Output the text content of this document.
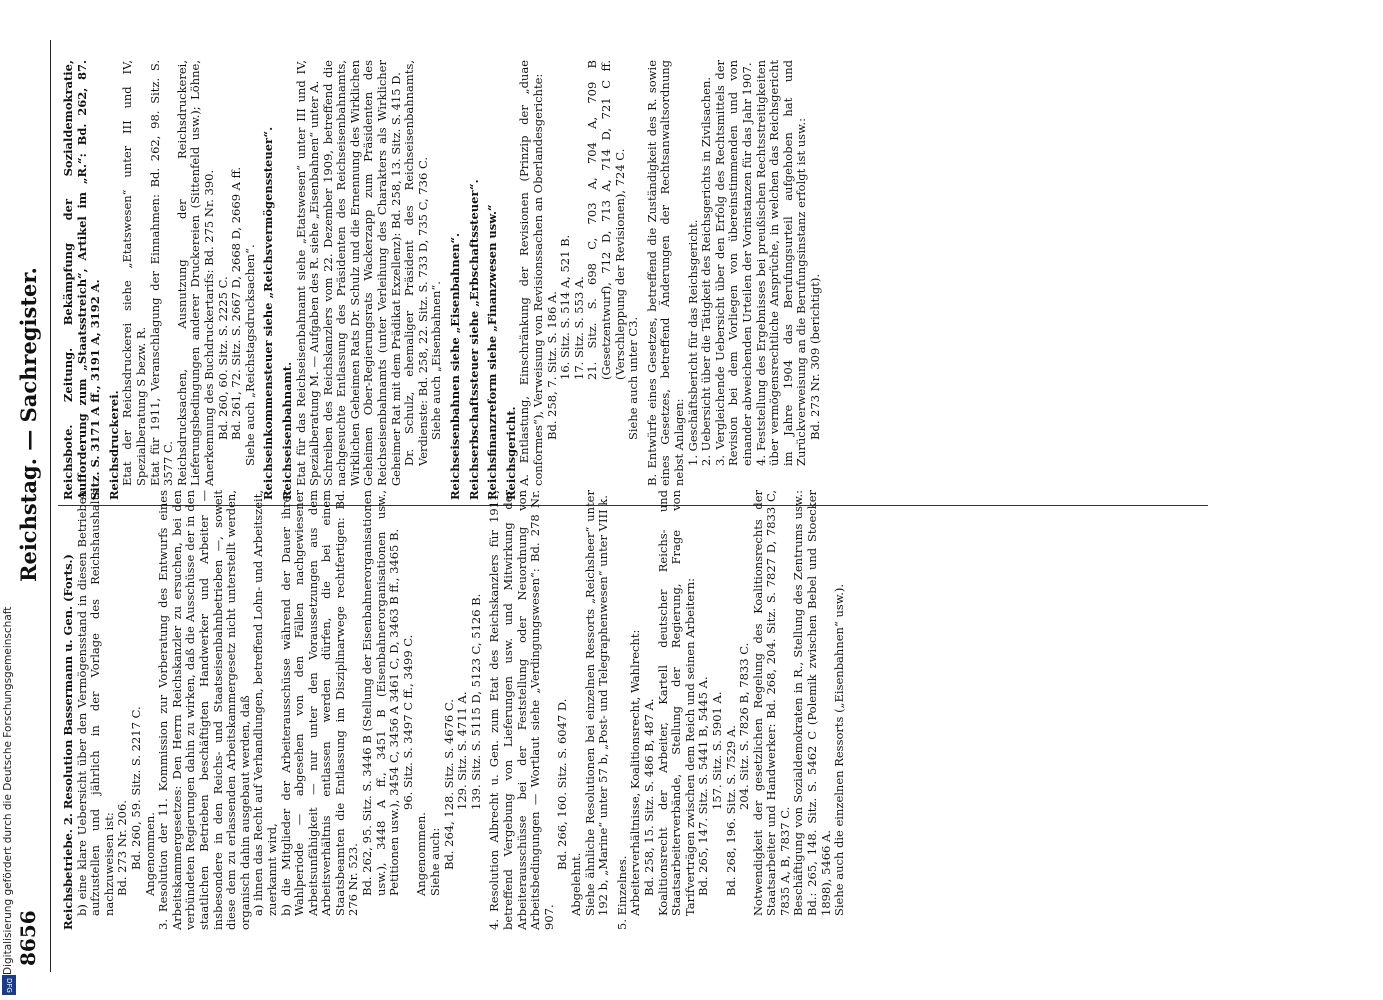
8656
Reichstag. — Sachregister.

Reichsbetriebe. 2. Resolution Bassermann u. Gen. (Forts.) b) eine klare Uebersicht über den Vermögensstand in diesen Betrieben aufzustellen und jährlich in der Vorlage des Reichshaushalts nachzuweisen ist: Bd. 273 Nr. 206. Bd. 260, 59. Sitz. S. 2217 C. Angenommen. 3. Resolution der 11. Kommission zur Vorberatung des Entwurfs eines Arbeitskammergesetzes: Den Herrn Reichskanzler zu ersuchen, bei den verbündeten Regierungen dahin zu wirken, daß die Ausschüsse der in den staatlichen Betrieben beschäftigten Handwerker und Arbeiter — insbesondere in den Reichs- und Staatseisenbahnbetrieben —, soweit diese dem zu erlassenden Arbeitskammergesetz nicht unterstellt werden, organisch dahin ausgebaut werden, daß a) ihnen das Recht auf Verhandlungen, betreffend Lohn- und Arbeitszeit, zuerkannt wird, b) die Mitglieder der Arbeiterausschüsse während der Dauer ihrer Wahlperiode — abgesehen von den Fällen nachgewiesener Arbeitsunfähigkeit — nur unter den Voraussetzungen aus dem Arbeitsverhältnis entlassen werden dürfen, die bei einem Staatsbeamten die Entlassung im Disziplinarwege rechtfertigen: Bd. 276 Nr. 523. Bd. 262, 95. Sitz. S. 3446 B (Stellung der Eisenbahnerorganisationen usw.), 3448 A ff., 3451 B (Eisenbahnerorganisationen usw., Petitionen usw.), 3454 C, 3456 A 3461 C, D, 3463 B ff., 3465 B. 96. Sitz. S. 3497 C ff., 3499 C.

Angenommen. Siehe auch: Bd. 264, 128. Sitz. S. 4676 C. 129. Sitz. S. 4711 A. 139. Sitz. S. 5115 D, 5123 C, 5126 B. 4. Resolution Albrecht u. Gen. zum Etat des Reichskanzlers für 1911, betreffend Vergebung von Lieferungen usw. und Mitwirkung der Arbeiterausschüsse bei der Feststellung oder Neuordnung von Arbeitsbedingungen — Wortlaut siehe „Verdingungswesen“: Bd. 278 Nr. 907.

Bd. 266, 160. Sitz. S. 6047 D.

Abgelehnt. Siehe ähnliche Resolutionen bei einzelnen Ressorts „Reichsheer“ unter 192 b, „Marine“ unter 57 b, „Post- und Telegraphenwesen“ unter VIII k. 5. Einzelnes. Arbeiterverhältnisse, Koalitionsrecht, Wahlrecht: Bd. 258, 15. Sitz. S. 486 B, 487 A. Koalitionsrecht der Arbeiter, Kartell deutscher Reichs- und Staatsarbeiterverbände, Stellung der Regierung, Frage von Tarifverträgen zwischen dem Reich und seinen Arbeitern: Bd. 265, 147. Sitz. S. 5441 B, 5445 A. 157. Sitz. S. 5901 A. Bd. 268, 196. Sitz. S. 7529 A. 204. Sitz. S. 7826 B, 7833 C. Notwendigkeit der gesetzlichen Regelung des Koalitionsrechts der Staatsarbeiter und Handwerker: Bd. 268, 204. Sitz. S. 7827 D, 7833 C, 7835 A, B, 7837 C. Beschäftigung von Sozialdemokraten in R., Stellung des Zentrums usw.: Bd.: 265, 148. Sitz. S. 5462 C (Polemik zwischen Bebel und Stoecker 1898), 5466 A. Siehe auch die einzelnen Ressorts („Eisenbahnen“ usw.).

Reichsbote. Zeitung. Bekämpfung der Sozialdemokratie, Aufforderung zum „Staatsstreich“, Artikel im „R.“: Bd. 262, 87. Sitz. S. 3171 A ff., 3191 A, 3192 A. Reichsdruckerei. Etat der Reichsdruckerei siehe „Etatswesen“ unter III und IV, Spezialberatung S bezw. R. Etat für 1911, Veranschlagung der Einnahmen: Bd. 262, 98. Sitz. S. 3577 C. Reichsdrucksachen, Ausnutzung der Reichsdruckerei, Lieferungsbedingungen anderer Druckereien (Sittenfeld usw.); Löhne, Anerkennung des Buchdruckertarifs: Bd. 275 Nr. 390. Bd. 260, 60. Sitz. S. 2225 C. Bd. 261, 72. Sitz. S. 2667 D, 2668 D, 2669 A ff. Siehe auch „Reichstagsdrucksachen“. Reichseinkommensteuer siehe „Reichsvermögenssteuer“. Reichseisenbahnamt. Etat für das Reichseisenbahnamt siehe „Etatswesen“ unter III und IV, Spezialberatung M. — Aufgaben des R. siehe „Eisenbahnen“ unter A. Schreiben des Reichskanzlers vom 22. Dezember 1909, betreffend die nachgesuchte Entlassung des Präsidenten des Reichseisenbahnamts, Wirklichen Geheimen Rats Dr. Schulz und die Ernennung des Wirklichen Geheimen Ober-Regierungsrats Wackerzapp zum Präsidenten des Reichseisenbahnamts (unter Verleihung des Charakters als Wirklicher Geheimer Rat mit dem Prädikat Exzellenz): Bd. 258, 13. Sitz. S. 415 D. Dr. Schulz, ehemaliger Präsident des Reichseisenbahnamts, Verdienste: Bd. 258, 22. Sitz. S. 733 D, 735 C, 736 C. Siehe auch „Eisenbahnen“. Reichseisenbahnen siehe „Eisenbahnen“. Reichserbschaftssteuer siehe „Erbschaftssteuer“. Reichsfinanzreform siehe „Finanzwesen usw.“ Reichsgericht. A. Entlastung, Einschränkung der Revisionen (Prinzip der „duae conformes“), Verweisung von Revisionssachen an Oberlandesgerichte: Bd. 258, 7. Sitz. S. 186 A. 16. Sitz. S. 514 A, 521 B. 17. Sitz. S. 553 A. 21. Sitz. S. 698 C, 703 A, 704 A, 709 B (Gesetzentwurf), 712 D, 713 A, 714 D, 721 C ff. (Verschleppung der Revisionen), 724 C. Siehe auch unter C3. B. Entwürfe eines Gesetzes, betreffend die Zuständigkeit des R. sowie eines Gesetzes, betreffend Änderungen der Rechtsanwaltsordnung nebst Anlagen: 1. Geschäftsbericht für das Reichsgericht. 2. Uebersicht über die Tätigkeit des Reichsgerichts in Zivilsachen. 3. Vergleichende Uebersicht über den Erfolg des Rechtsmittels der Revision bei dem Vorliegen von übereinstimmenden und von einander abweichenden Urteilen der Vorinstanzen für das Jahr 1907. 4. Feststellung des Ergebnisses bei preußischen Rechtsstreitigkeiten über vermögensrechtliche Ansprüche, in welchen das Reichsgericht im Jahre 1904 das Berufungsurteil aufgehoben hat und Zurückverweisung an die Berufungsinstanz erfolgt ist usw.: Bd. 273 Nr. 309 (berichtigt).

Digitalisierung gefördert durch die Deutsche Forschungsgemeinschaft
DFG
